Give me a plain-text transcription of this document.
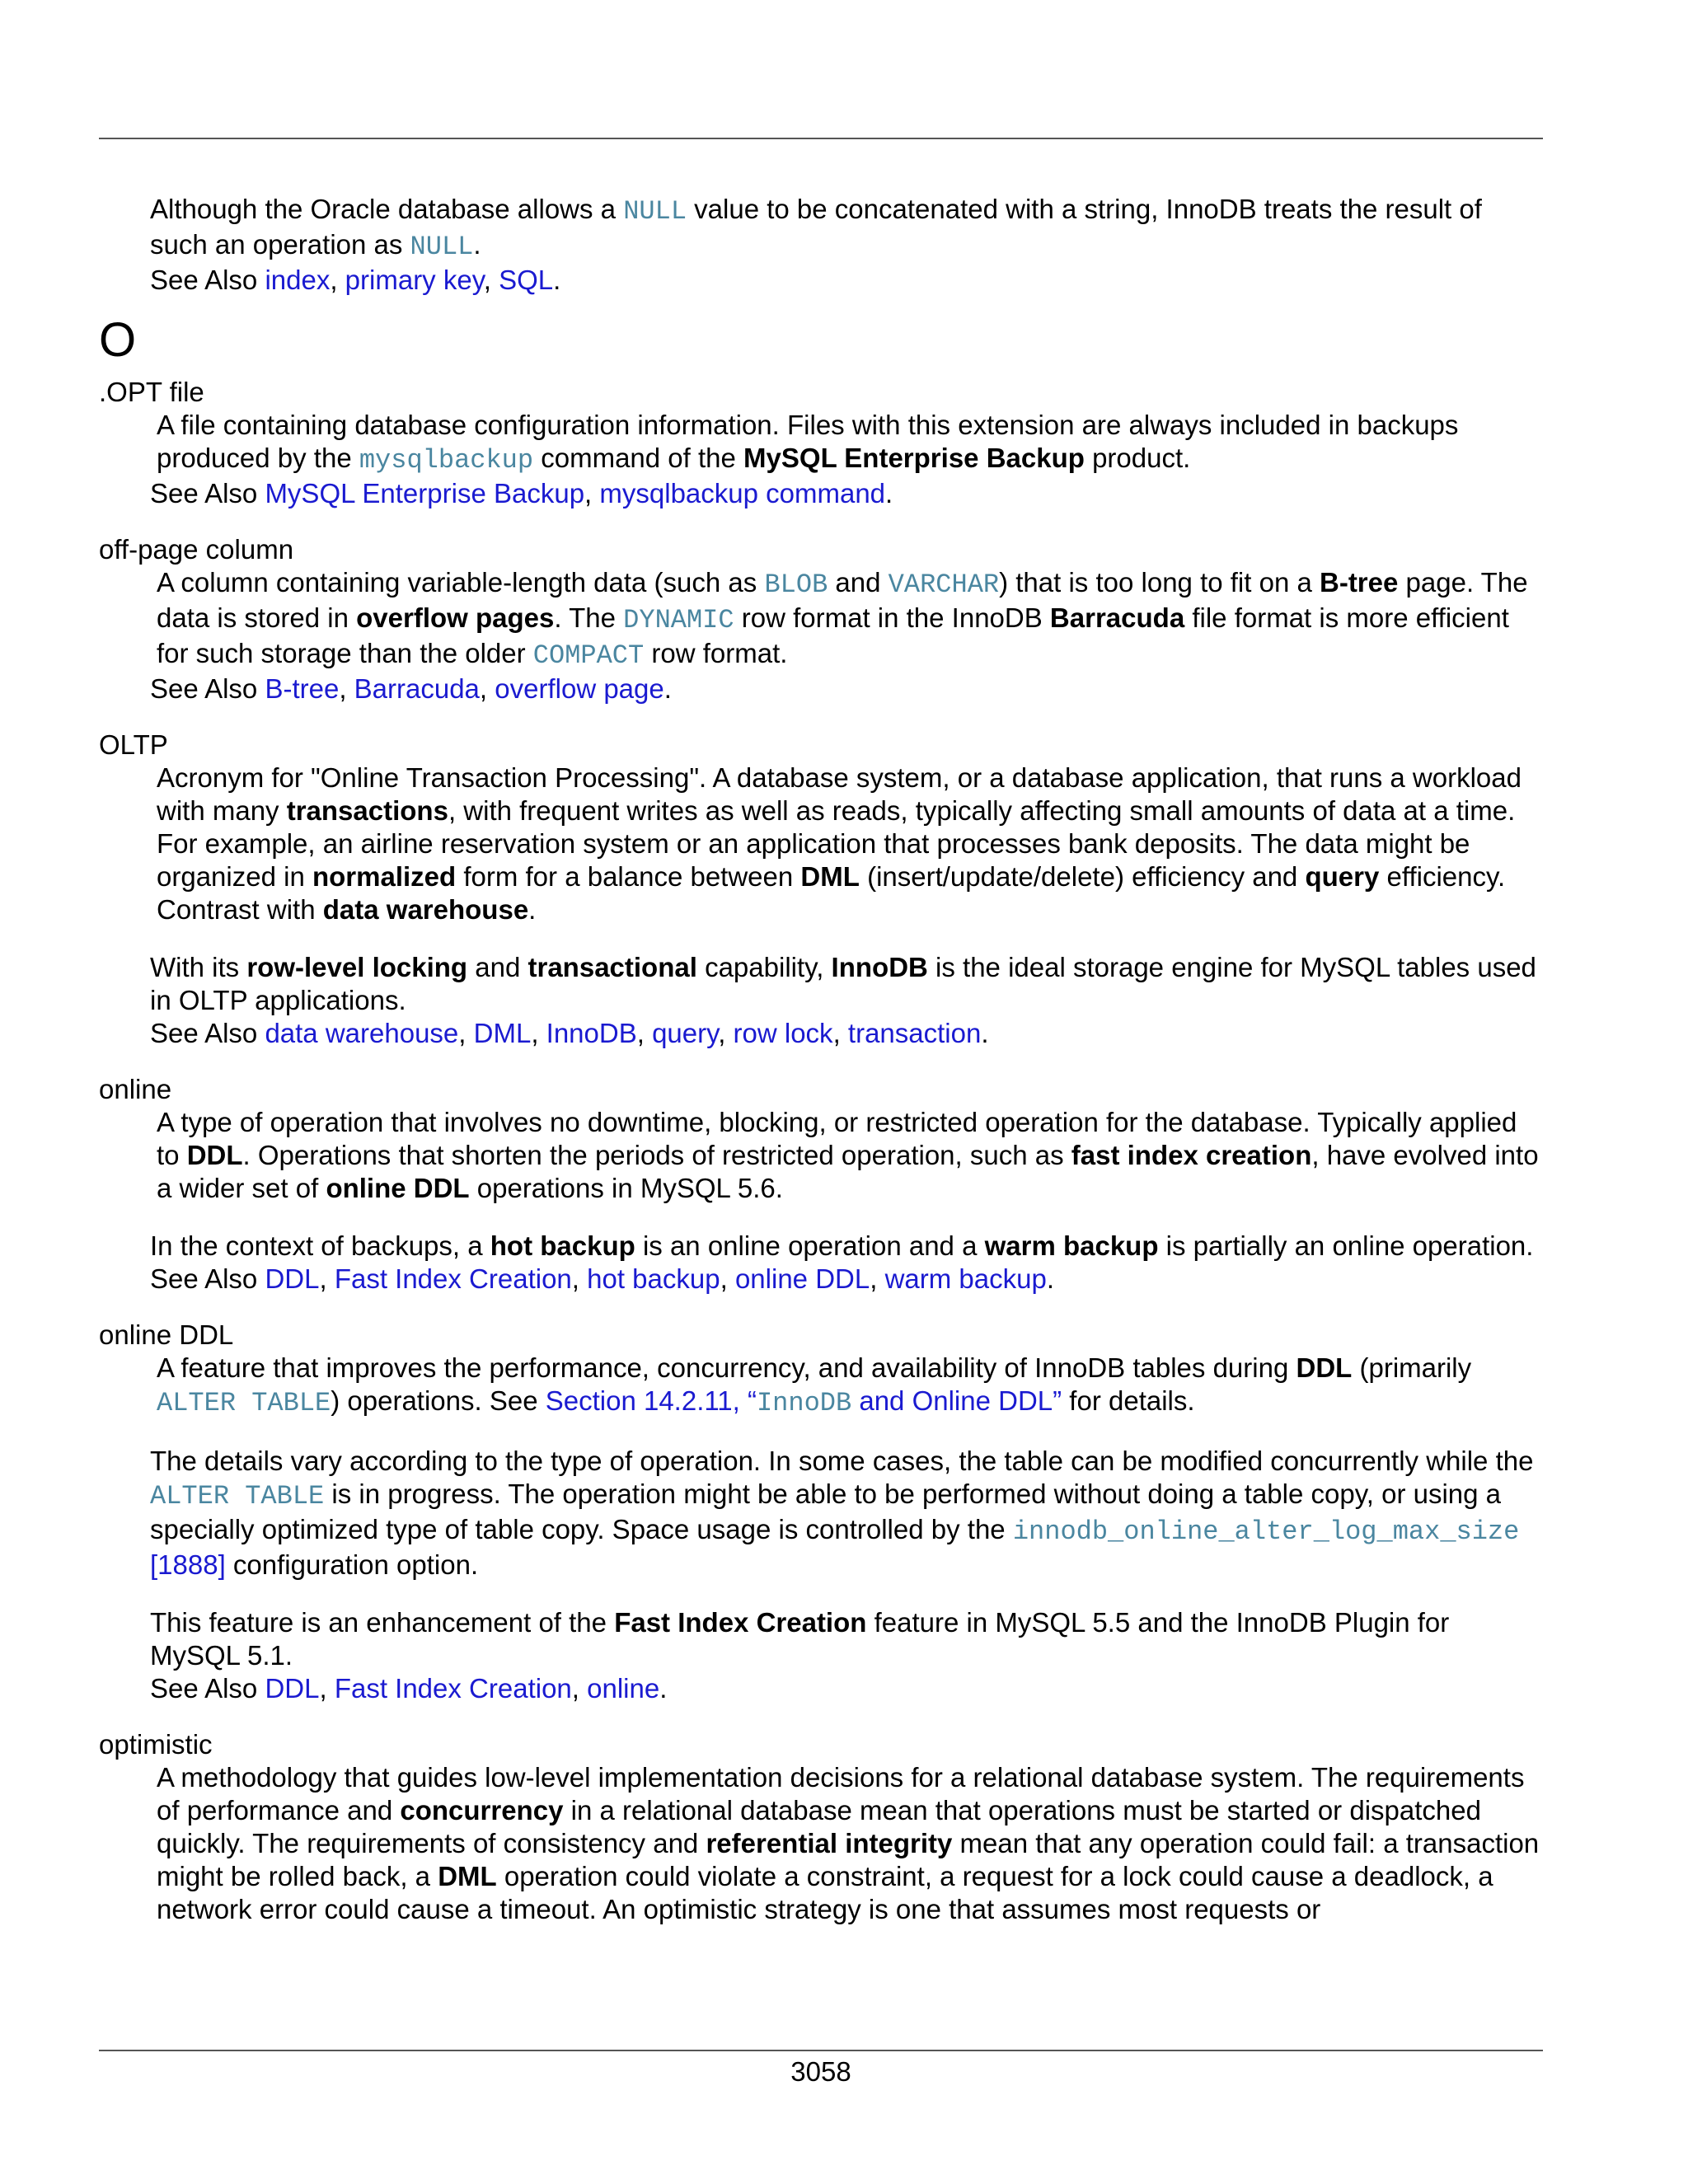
Although the Oracle database allows a NULL value to be concatenated with a string, InnoDB treats the result of such an operation as NULL.
See Also index, primary key, SQL.
O
.OPT file
A file containing database configuration information. Files with this extension are always included in backups produced by the mysqlbackup command of the MySQL Enterprise Backup product.
See Also MySQL Enterprise Backup, mysqlbackup command.
off-page column
A column containing variable-length data (such as BLOB and VARCHAR) that is too long to fit on a B-tree page. The data is stored in overflow pages. The DYNAMIC row format in the InnoDB Barracuda file format is more efficient for such storage than the older COMPACT row format.
See Also B-tree, Barracuda, overflow page.
OLTP
Acronym for "Online Transaction Processing". A database system, or a database application, that runs a workload with many transactions, with frequent writes as well as reads, typically affecting small amounts of data at a time. For example, an airline reservation system or an application that processes bank deposits. The data might be organized in normalized form for a balance between DML (insert/update/delete) efficiency and query efficiency. Contrast with data warehouse.
With its row-level locking and transactional capability, InnoDB is the ideal storage engine for MySQL tables used in OLTP applications.
See Also data warehouse, DML, InnoDB, query, row lock, transaction.
online
A type of operation that involves no downtime, blocking, or restricted operation for the database. Typically applied to DDL. Operations that shorten the periods of restricted operation, such as fast index creation, have evolved into a wider set of online DDL operations in MySQL 5.6.
In the context of backups, a hot backup is an online operation and a warm backup is partially an online operation.
See Also DDL, Fast Index Creation, hot backup, online DDL, warm backup.
online DDL
A feature that improves the performance, concurrency, and availability of InnoDB tables during DDL (primarily ALTER TABLE) operations. See Section 14.2.11, “InnoDB and Online DDL” for details.
The details vary according to the type of operation. In some cases, the table can be modified concurrently while the ALTER TABLE is in progress. The operation might be able to be performed without doing a table copy, or using a specially optimized type of table copy. Space usage is controlled by the innodb_online_alter_log_max_size [1888] configuration option.
This feature is an enhancement of the Fast Index Creation feature in MySQL 5.5 and the InnoDB Plugin for MySQL 5.1.
See Also DDL, Fast Index Creation, online.
optimistic
A methodology that guides low-level implementation decisions for a relational database system. The requirements of performance and concurrency in a relational database mean that operations must be started or dispatched quickly. The requirements of consistency and referential integrity mean that any operation could fail: a transaction might be rolled back, a DML operation could violate a constraint, a request for a lock could cause a deadlock, a network error could cause a timeout. An optimistic strategy is one that assumes most requests or
3058
